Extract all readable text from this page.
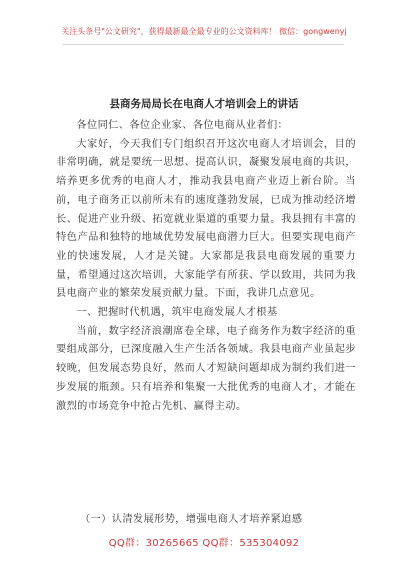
关注头条号"公文研究"，获得最新最全最专业的公文资料库！ 微信：gongwenyj
县商务局局长在电商人才培训会上的讲话

各位同仁、各位企业家、各位电商从业者们：

大家好，今天我们专门组织召开这次电商人才培训会，目的非常明确，就是要统一思想、提高认识，凝聚发展电商的共识，培养更多优秀的电商人才，推动我县电商产业迈上新台阶。当前，电子商务正以前所未有的速度蓬勃发展，已成为推动经济增长、促进产业升级、拓宽就业渠道的重要力量。我县拥有丰富的特色产品和独特的地域优势发展电商潜力巨大。但要实现电商产业的快速发展，人才是关键。大家都是我县电商发展的重要力量，希望通过这次培训，大家能学有所获、学以致用，共同为我县电商产业的繁荣发展贡献力量。下面，我讲几点意见。

一、把握时代机遇，筑牢电商发展人才根基

当前，数字经济浪潮席卷全球，电子商务作为数字经济的重要组成部分，已深度融入生产生活各领域。我县电商产业虽起步较晚，但发展态势良好，然而人才短缺问题却成为制约我们进一步发展的瓶颈。只有培养和集聚一大批优秀的电商人才，才能在激烈的市场竞争中抢占先机、赢得主动。

（一）认清发展形势，增强电商人才培养紧迫感
QQ群：30265665 QQ群：535304092
